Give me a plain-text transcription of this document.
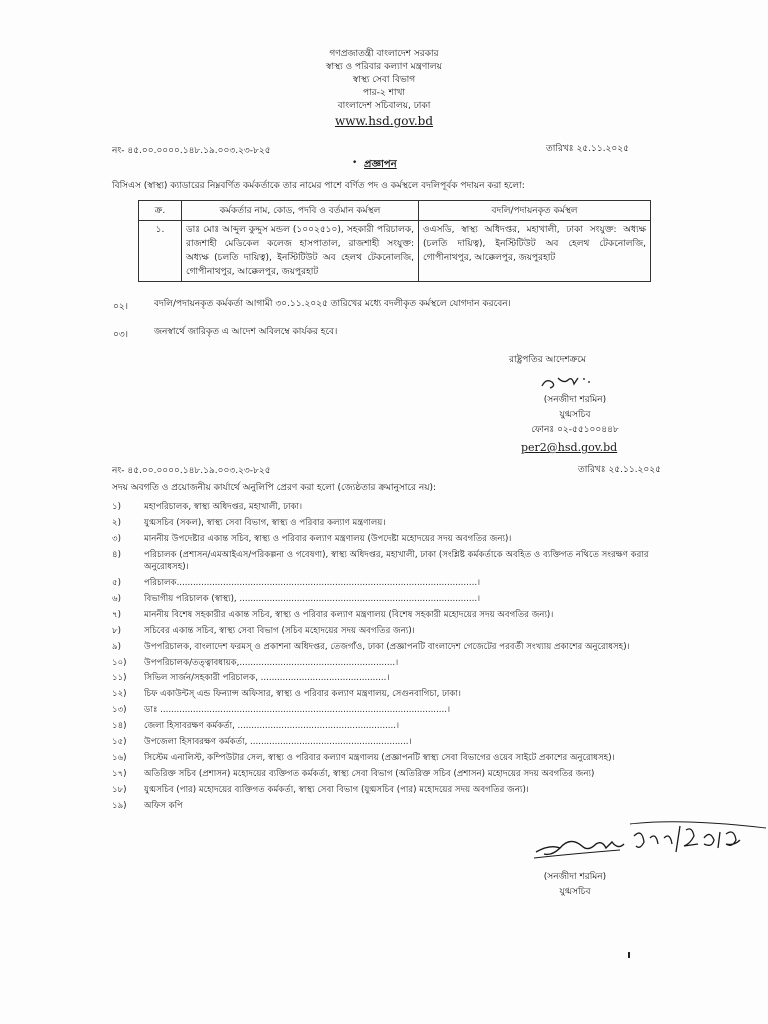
গণপ্রজাতন্ত্রী বাংলাদেশ সরকার
স্বাস্থ্য ও পরিবার কল্যাণ মন্ত্রণালয়
স্বাস্থ্য সেবা বিভাগ
পার-২ শাখা
বাংলাদেশ সচিবালয়, ঢাকা
www.hsd.gov.bd
নং- ৪৫.০০.০০০০.১৪৮.১৯.০০৩.২৩-৮২৫	তারিখঃ ২৫.১১.২০২৫
• প্রজ্ঞাপন
বিসিএস (স্বাস্থ্য) ক্যাডারের নিম্নবর্ণিত কর্মকর্তাকে তার নামের পাশে বর্ণিত পদ ও কর্মস্থলে বদলিপূর্বক পদায়ন করা হলো:
ক্র.	কর্মকর্তার নাম, কোড, পদবি ও বর্তমান কর্মস্থল	বদলি/পদায়নকৃত কর্মস্থল
১.	ডাঃ মোঃ আব্দুল কুদ্দুস মন্ডল (১০০২৫১০), সহকারী পরিচালক, রাজশাহী মেডিকেল কলেজ হাসপাতাল, রাজশাহী সংযুক্ত: অধ্যক্ষ (চলতি দায়িত্ব), ইনস্টিটিউট অব হেলথ টেকনোলজি, গোপীনাথপুর, আক্কেলপুর, জয়পুরহাট	ওএসডি, স্বাস্থ্য অধিদপ্তর, মহাখালী, ঢাকা সংযুক্ত: অধ্যক্ষ (চলতি দায়িত্ব), ইনস্টিটিউট অব হেলথ টেকনোলজি, গোপীনাথপুর, আক্কেলপুর, জয়পুরহাট
০২।	বদলি/পদায়নকৃত কর্মকর্তা আগামী ৩০.১১.২০২৫ তারিখের মধ্যে বদলীকৃত কর্মস্থলে যোগদান করবেন।
০৩।	জনস্বার্থে জারিকৃত এ আদেশ অবিলম্বে কার্যকর হবে।
রাষ্ট্রপতির আদেশক্রমে
(সনজীদা শরমিন)
যুগ্মসচিব
ফোনঃ ০২-৫৫১০০৪৪৮
per2@hsd.gov.bd
নং- ৪৫.০০.০০০০.১৪৮.১৯.০০৩.২৩-৮২৫	তারিখঃ ২৫.১১.২০২৫
সদয় অবগতি ও প্রয়োজনীয় কার্যার্থে অনুলিপি প্রেরণ করা হলো (জ্যেষ্ঠতার ক্রমানুসারে নয়):
১)	মহাপরিচালক, স্বাস্থ্য অধিদপ্তর, মহাখালী, ঢাকা।
২)	যুগ্মসচিব (সকল), স্বাস্থ্য সেবা বিভাগ, স্বাস্থ্য ও পরিবার কল্যাণ মন্ত্রণালয়।
৩)	মাননীয় উপদেষ্টার একান্ত সচিব, স্বাস্থ্য ও পরিবার কল্যাণ মন্ত্রণালয় (উপদেষ্টা মহোদয়ের সদয় অবগতির জন্য)।
৪)	পরিচালক (প্রশাসন/এমআইএস/পরিকল্পনা ও গবেষণা), স্বাস্থ্য অধিদপ্তর, মহাখালী, ঢাকা (সংশ্লিষ্ট কর্মকর্তাকে অবহিত ও ব্যক্তিগত নথিতে সংরক্ষণ করার অনুরোধসহ)।
৫)	পরিচালক..............................................................................................................।
৬)	বিভাগীয় পরিচালক (স্বাস্থ্য), .......................................................................................।
৭)	মাননীয় বিশেষ সহকারীর একান্ত সচিব, স্বাস্থ্য ও পরিবার কল্যাণ মন্ত্রণালয় (বিশেষ সহকারী মহোদয়ের সদয় অবগতির জন্য)।
৮)	সচিবের একান্ত সচিব, স্বাস্থ্য সেবা বিভাগ (সচিব মহোদয়ের সদয় অবগতির জন্য)।
৯)	উপপরিচালক, বাংলাদেশ ফরমস্‌ ও প্রকাশনা অধিদপ্তর, তেজগাঁও, ঢাকা (প্রজ্ঞাপনটি বাংলাদেশ গেজেটের পরবর্তী সংখ্যায় প্রকাশের অনুরোধসহ)।
১০)	উপপরিচালক/তত্ত্বাবধায়ক,.........................................................।
১১)	সিভিল সার্জন/সহকারী পরিচালক, ..............................................।
১২)	চিফ একাউন্টস্‌ এন্ড ফিন্যান্স অফিসার, স্বাস্থ্য ও পরিবার কল্যাণ মন্ত্রণালয়, সেগুনবাগিচা, ঢাকা।
১৩)	ডাঃ .........................................................................................................।
১৪)	জেলা হিসাবরক্ষণ কর্মকর্তা, ..........................................................।
১৫)	উপজেলা হিসাবরক্ষণ কর্মকর্তা, ..........................................................।
১৬)	সিস্টেম এনালিস্ট, কম্পিউটার সেল, স্বাস্থ্য ও পরিবার কল্যাণ মন্ত্রণালয় (প্রজ্ঞাপনটি স্বাস্থ্য সেবা বিভাগের ওয়েব সাইটে প্রকাশের অনুরোধসহ)।
১৭)	অতিরিক্ত সচিব (প্রশাসন) মহোদয়ের ব্যক্তিগত কর্মকর্তা, স্বাস্থ্য সেবা বিভাগ (অতিরিক্ত সচিব (প্রশাসন) মহোদয়ের সদয় অবগতির জন্য)
১৮)	যুগ্মসচিব (পার) মহোদয়ের ব্যক্তিগত কর্মকর্তা, স্বাস্থ্য সেবা বিভাগ (যুগ্মসচিব (পার) মহোদয়ের সদয় অবগতির জন্য)।
১৯)	অফিস কপি
(সনজীদা শরমিন)
যুগ্মসচিব
